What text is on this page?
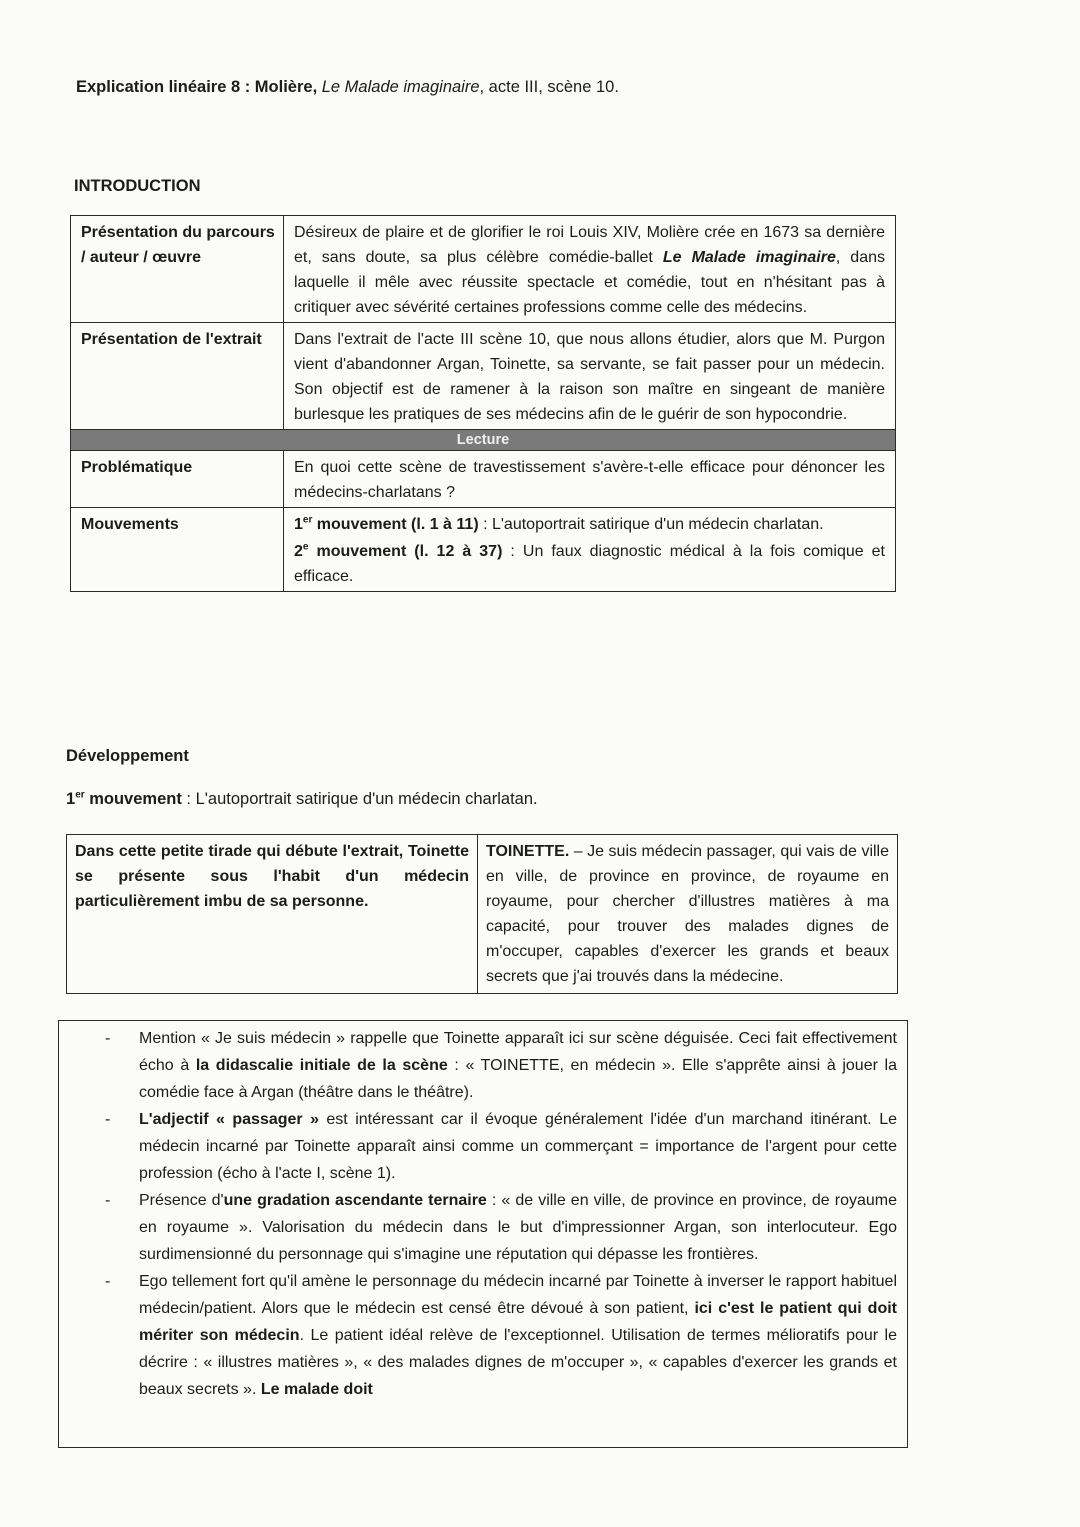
Explication linéaire 8 : Molière, Le Malade imaginaire, acte III, scène 10.
INTRODUCTION
Présentation du parcours / auteur / œuvre	Désireux de plaire et de glorifier le roi Louis XIV, Molière crée en 1673 sa dernière et, sans doute, sa plus célèbre comédie-ballet Le Malade imaginaire, dans laquelle il mêle avec réussite spectacle et comédie, tout en n'hésitant pas à critiquer avec sévérité certaines professions comme celle des médecins.
Présentation de l'extrait	Dans l'extrait de l'acte III scène 10, que nous allons étudier, alors que M. Purgon vient d'abandonner Argan, Toinette, sa servante, se fait passer pour un médecin. Son objectif est de ramener à la raison son maître en singeant de manière burlesque les pratiques de ses médecins afin de le guérir de son hypocondrie.
Lecture	
Problématique	En quoi cette scène de travestissement s'avère-t-elle efficace pour dénoncer les médecins-charlatans ?
Mouvements	1er mouvement (l. 1 à 11) : L'autoportrait satirique d'un médecin charlatan.
2e mouvement (l. 12 à 37) : Un faux diagnostic médical à la fois comique et efficace.
Développement
1er mouvement : L'autoportrait satirique d'un médecin charlatan.
Dans cette petite tirade qui débute l'extrait, Toinette se présente sous l'habit d'un médecin particulièrement imbu de sa personne.	TOINETTE. – Je suis médecin passager, qui vais de ville en ville, de province en province, de royaume en royaume, pour chercher d'illustres matières à ma capacité, pour trouver des malades dignes de m'occuper, capables d'exercer les grands et beaux secrets que j'ai trouvés dans la médecine.
- Mention « Je suis médecin » rappelle que Toinette apparaît ici sur scène déguisée. Ceci fait effectivement écho à la didascalie initiale de la scène : « TOINETTE, en médecin ». Elle s'apprête ainsi à jouer la comédie face à Argan (théâtre dans le théâtre).
- L'adjectif « passager » est intéressant car il évoque généralement l'idée d'un marchand itinérant. Le médecin incarné par Toinette apparaît ainsi comme un commerçant = importance de l'argent pour cette profession (écho à l'acte I, scène 1).
- Présence d'une gradation ascendante ternaire : « de ville en ville, de province en province, de royaume en royaume ». Valorisation du médecin dans le but d'impressionner Argan, son interlocuteur. Ego surdimensionné du personnage qui s'imagine une réputation qui dépasse les frontières.
- Ego tellement fort qu'il amène le personnage du médecin incarné par Toinette à inverser le rapport habituel médecin/patient. Alors que le médecin est censé être dévoué à son patient, ici c'est le patient qui doit mériter son médecin. Le patient idéal relève de l'exceptionnel. Utilisation de termes mélioratifs pour le décrire : « illustres matières », « des malades dignes de m'occuper », « capables d'exercer les grands et beaux secrets ». Le malade doit
